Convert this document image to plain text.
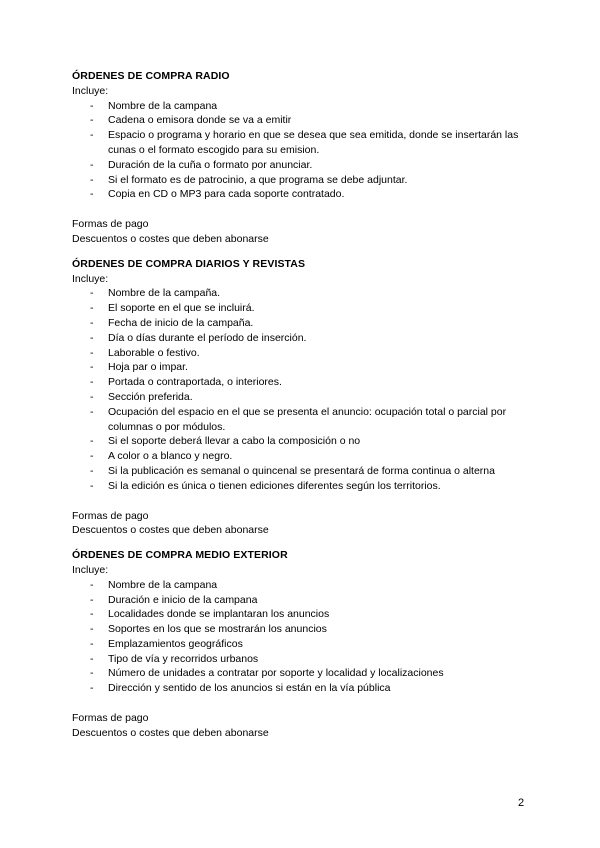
ÓRDENES DE COMPRA RADIO

Incluye:

- Nombre de la campana
- Cadena o emisora donde se va a emitir
- Espacio o programa y horario en que se desea que sea emitida, donde se insertarán las cunas o el formato escogido para su emision.
- Duración de la cuña o formato por anunciar.
- Si el formato es de patrocinio, a que programa se debe adjuntar.
- Copia en CD o MP3 para cada soporte contratado.

Formas de pago

Descuentos o costes que deben abonarse

ÓRDENES DE COMPRA DIARIOS Y REVISTAS

Incluye:

- Nombre de la campaña.
- El soporte en el que se incluirá.
- Fecha de inicio de la campaña.
- Día o días durante el período de inserción.
- Laborable o festivo.
- Hoja par o impar.
- Portada o contraportada, o interiores.
- Sección preferida.
- Ocupación del espacio en el que se presenta el anuncio: ocupación total o parcial por columnas o por módulos.
- Si el soporte deberá llevar a cabo la composición o no
- A color o a blanco y negro.
- Si la publicación es semanal o quincenal se presentará de forma continua o alterna
- Si la edición es única o tienen ediciones diferentes según los territorios.

Formas de pago

Descuentos o costes que deben abonarse

ÓRDENES DE COMPRA MEDIO EXTERIOR

Incluye:

- Nombre de la campana
- Duración e inicio de la campana
- Localidades donde se implantaran los anuncios
- Soportes en los que se mostrarán los anuncios
- Emplazamientos geográficos
- Tipo de vía y recorridos urbanos
- Número de unidades a contratar por soporte y localidad y localizaciones
- Dirección y sentido de los anuncios si están en la vía pública

Formas de pago

Descuentos o costes que deben abonarse

2
